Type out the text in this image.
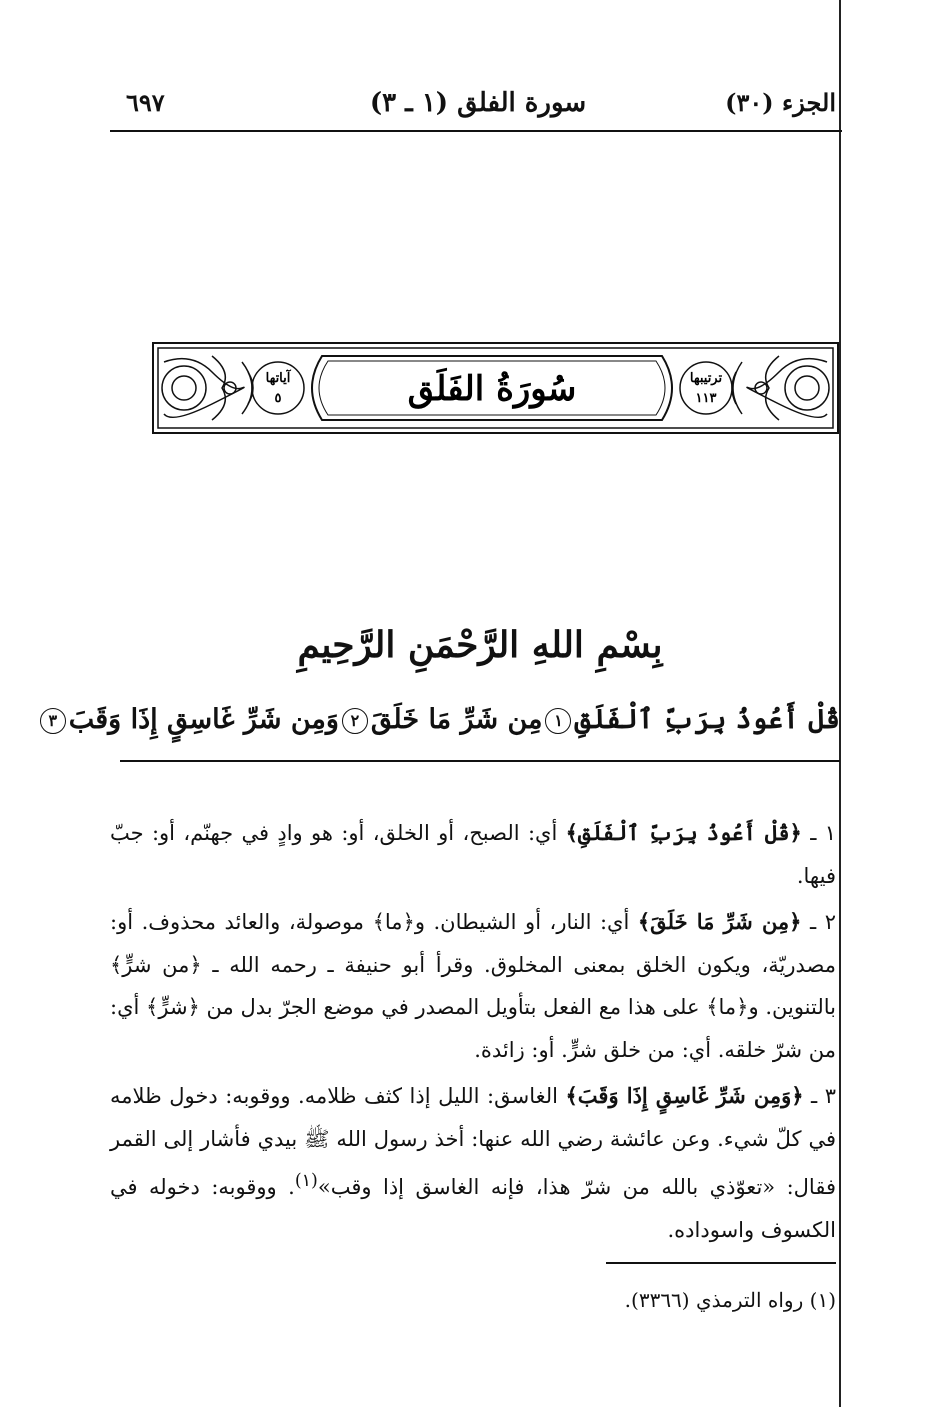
الجزء (٣٠)
سورة الفلق (١ ـ ٣)
٦٩٧
آياتها
٥	سُورَةُ الفَلَق	ترتيبها
١١٣
بِسْمِ اللهِ الرَّحْمَنِ الرَّحِيمِ
قُلْ أَعُوذُ بِرَبِّ ٱلْفَلَقِ١مِن شَرِّ مَا خَلَقَ٢وَمِن شَرِّ غَاسِقٍ إِذَا وَقَبَ٣

١ ـ ﴿قُلْ أَعُوذُ بِرَبِّ ٱلْفَلَقِ﴾ أي: الصبح، أو الخلق، أو: هو وادٍ في جهنّم، أو: جبّ فيها.

٢ ـ ﴿مِن شَرِّ مَا خَلَقَ﴾ أي: النار، أو الشيطان. و﴿ما﴾ موصولة، والعائد محذوف. أو: مصدريّة، ويكون الخلق بمعنى المخلوق. وقرأ أبو حنيفة ـ رحمه الله ـ ﴿من شرٍّ﴾ بالتنوين. و﴿ما﴾ على هذا مع الفعل بتأويل المصدر في موضع الجرّ بدل من ﴿شرٍّ﴾ أي: من شرّ خلقه. أي: من خلق شرٍّ. أو: زائدة.

٣ ـ ﴿وَمِن شَرِّ غَاسِقٍ إِذَا وَقَبَ﴾ الغاسق: الليل إذا كثف ظلامه. ووقوبه: دخول ظلامه في كلّ شيء. وعن عائشة رضي الله عنها: أخذ رسول الله ﷺ بيدي فأشار إلى القمر فقال: «تعوّذي بالله من شرّ هذا، فإنه الغاسق إذا وقب»$^{(١)}$. ووقوبه: دخوله في الكسوف واسوداده.

(١) رواه الترمذي (٣٣٦٦).
